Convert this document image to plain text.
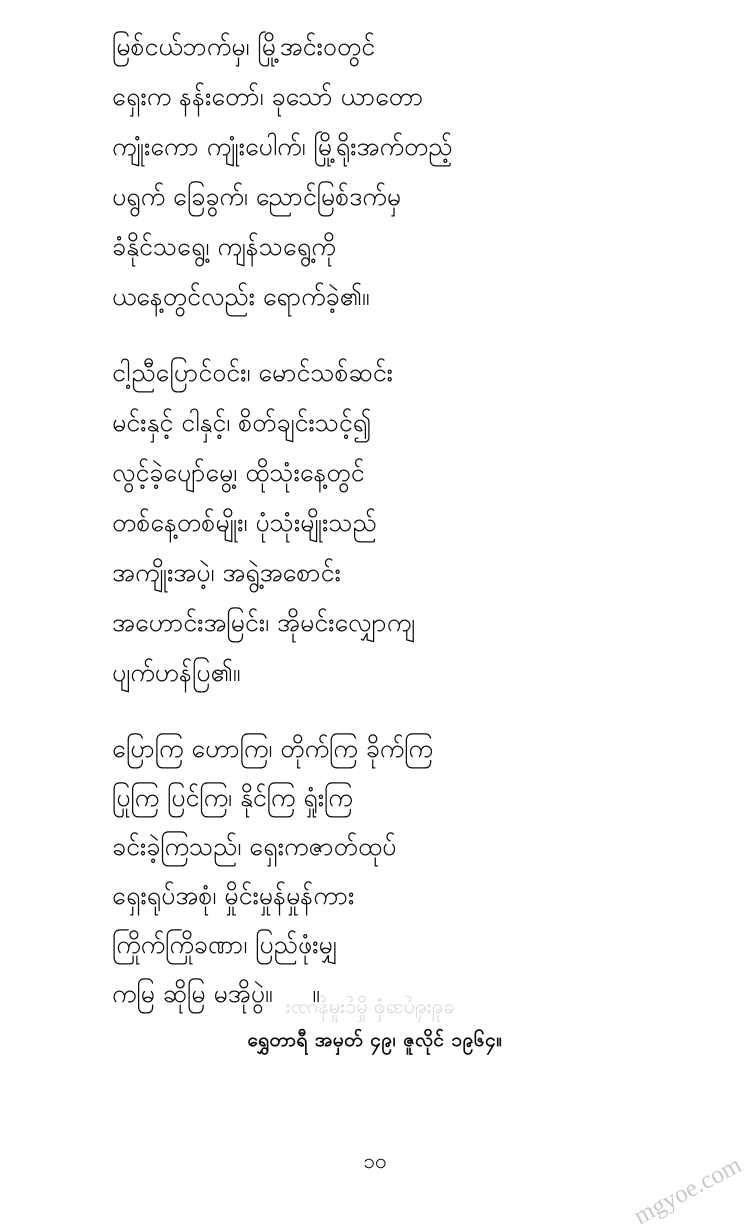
ရှေးရုပ်အစုံ မှိုင်းမှုန်ကား
မြစ်ငယ်ဘက်မှ၊ မြို့အင်းဝတွင်
ရှေးက နန်းတော်၊ ခုသော် ယာတော
ကျုံးကော ကျုံးပေါက်၊ မြို့ရိုးအက်တည့်
ပရွက် ခြေခွက်၊ ညောင်မြစ်ဒက်မှ
ခံနိုင်သရွေ့၊ ကျန်သရွေ့ကို
ယနေ့တွင်လည်း ရောက်ခဲ့၏။
ငါ့ညီပြောင်ဝင်း၊ မောင်သစ်ဆင်း
မင်းနှင့် ငါနှင့်၊ စိတ်ချင်းသင့်၍
လွင့်ခဲ့ပျော်မွေ့၊ ထိုသုံးနေ့တွင်
တစ်နေ့တစ်မျိုး၊ ပုံသုံးမျိုးသည်
အကျိုးအပဲ့၊ အရွဲ့အစောင်း
အဟောင်းအမြင်း၊ အိုမင်းလျှောကျ
ပျက်ဟန်ပြ၏။
ပြောကြ ဟောကြ၊ တိုက်ကြ ခိုက်ကြ
ပြုကြ ပြင်ကြ၊ နိုင်ကြ ရှုံးကြ
ခင်းခဲ့ကြသည်၊ ရှေးကဇာတ်ထုပ်
ရှေးရုပ်အစုံ၊ မှိုင်းမှုန်မှုန်ကား
ကြိုက်ကြိုခဏာ၊ ပြည်ဖုံးမျှ
ကမြ ဆိုမြ မအိုပွဲ။     ။
ရွှေတာရီ အမှတ် ၄၉၊ ဇူလိုင် ၁၉၆၄။
၁၀	mgyoe.com
